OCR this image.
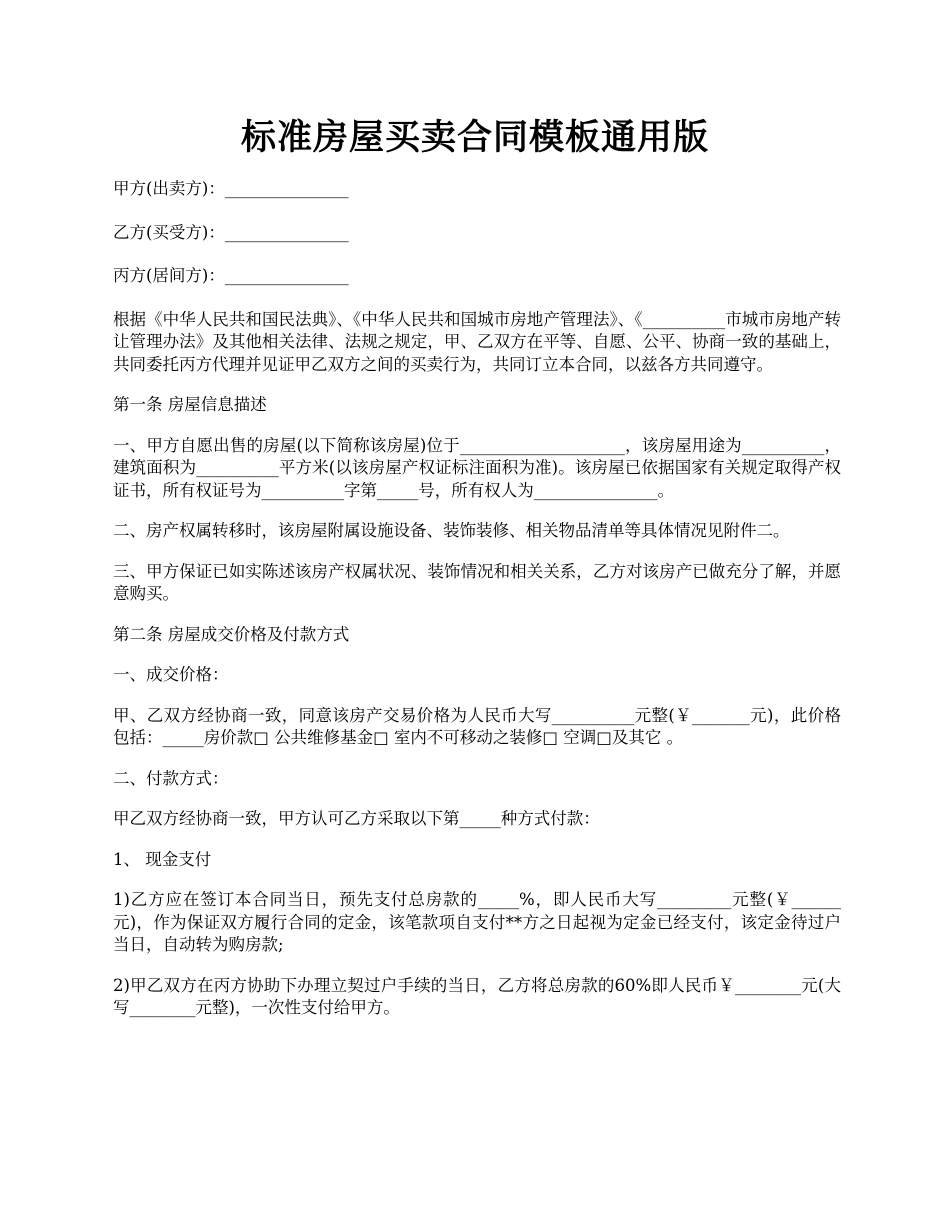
标准房屋买卖合同模板通用版

甲方(出卖方)：_______________

乙方(买受方)：_______________

丙方(居间方)：_______________

根据《中华人民共和国民法典》、《中华人民共和国城市房地产管理法》、《__________市城市房地产转让管理办法》及其他相关法律、法规之规定，甲、乙双方在平等、自愿、公平、协商一致的基础上，共同委托丙方代理并见证甲乙双方之间的买卖行为，共同订立本合同，以兹各方共同遵守。

第一条 房屋信息描述

一、甲方自愿出售的房屋(以下简称该房屋)位于____________________，该房屋用途为__________，建筑面积为__________平方米(以该房屋产权证标注面积为准)。该房屋已依据国家有关规定取得产权证书，所有权证号为__________字第_____号，所有权人为_______________。

二、房产权属转移时，该房屋附属设施设备、装饰装修、相关物品清单等具体情况见附件二。

三、甲方保证已如实陈述该房产权属状况、装饰情况和相关关系，乙方对该房产已做充分了解，并愿意购买。

第二条 房屋成交价格及付款方式

一、成交价格：

甲、乙双方经协商一致，同意该房产交易价格为人民币大写__________元整(￥_______元)，此价格包括：_____房价款□ 公共维修基金□ 室内不可移动之装修□ 空调□及其它 。

二、付款方式：

甲乙双方经协商一致，甲方认可乙方采取以下第_____种方式付款：

1、 现金支付

1)乙方应在签订本合同当日，预先支付总房款的_____%，即人民币大写_________元整(￥______元)，作为保证双方履行合同的定金，该笔款项自支付**方之日起视为定金已经支付，该定金待过户当日，自动转为购房款;

2)甲乙双方在丙方协助下办理立契过户手续的当日，乙方将总房款的60%即人民币￥________元(大写________元整)，一次性支付给甲方。
